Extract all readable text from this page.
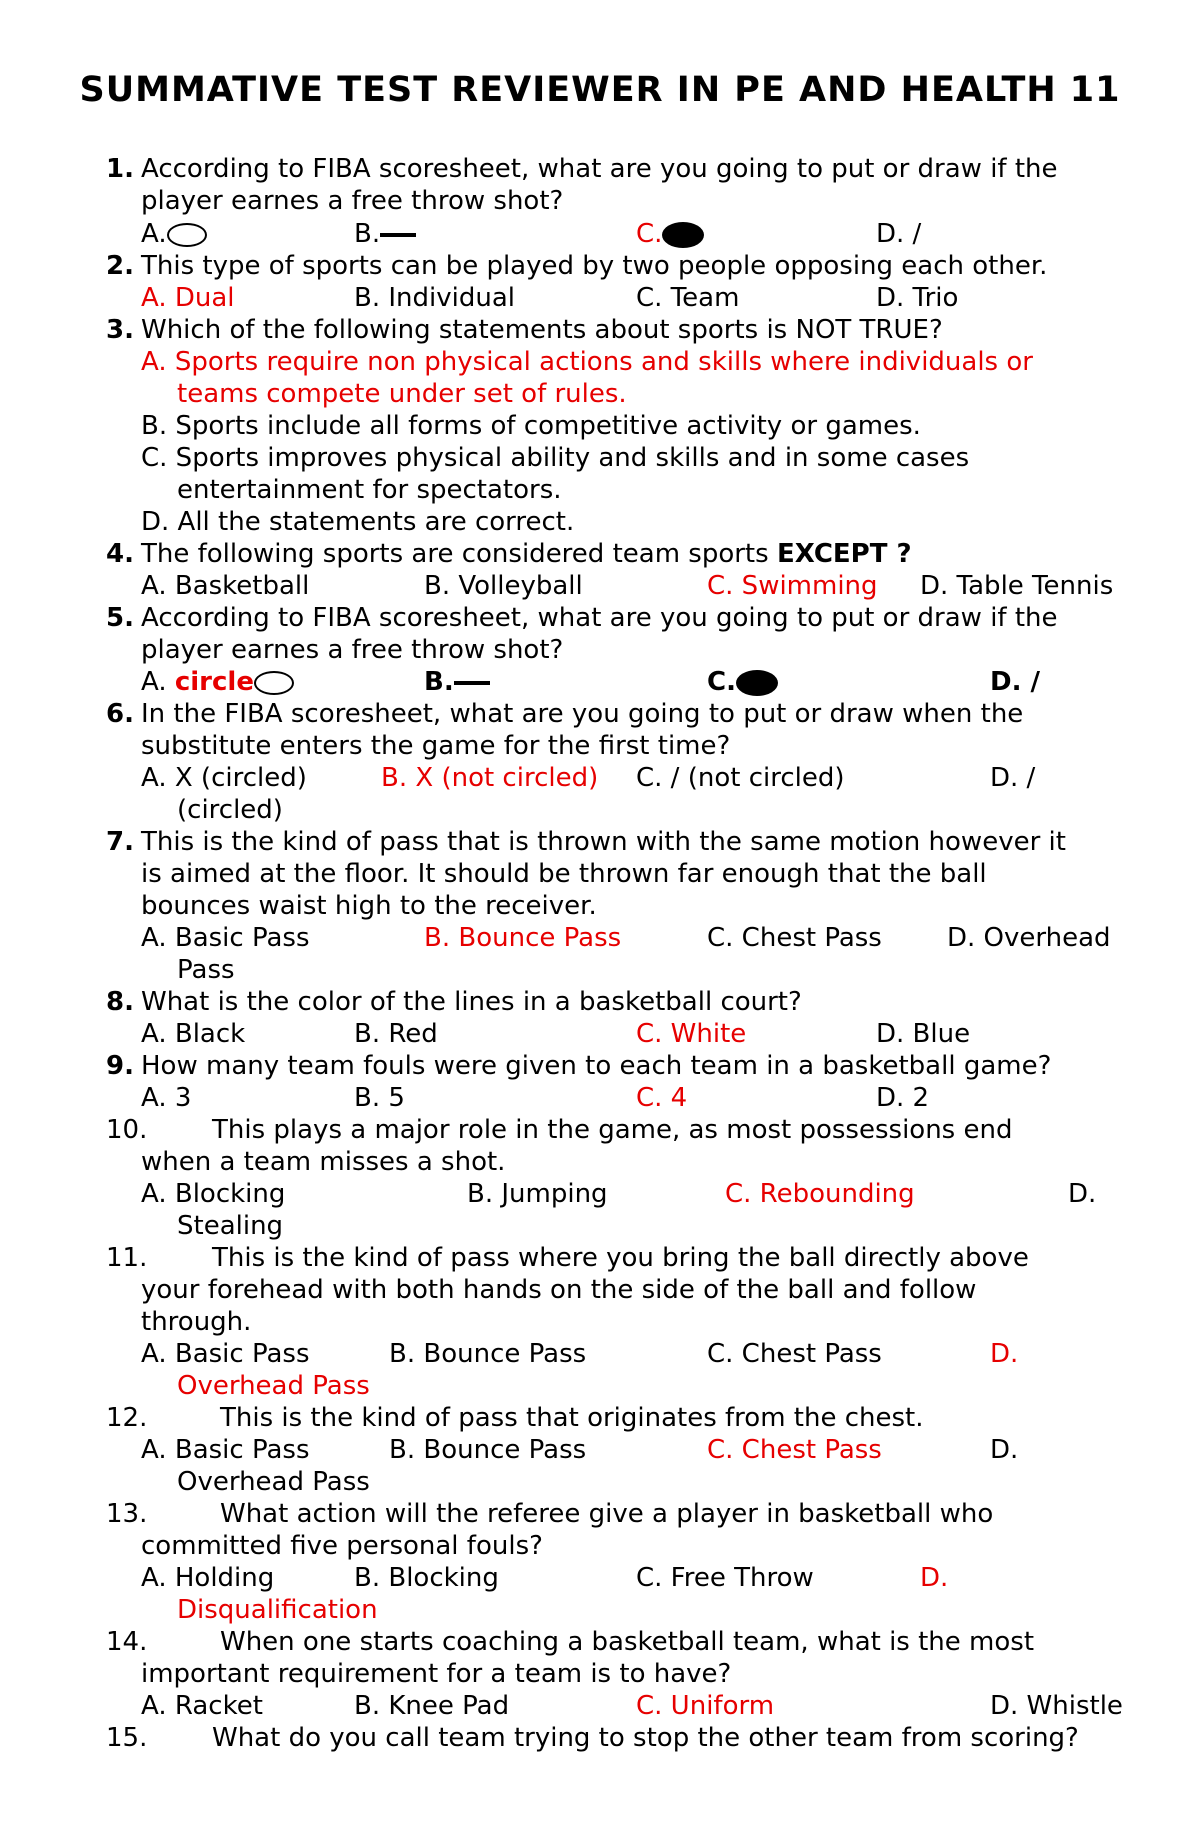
SUMMATIVE TEST REVIEWER IN PE AND HEALTH 11
1. According to FIBA scoresheet, what are you going to put or draw if the
player earnes a free throw shot?
A.	B.	C.	D. /
2. This type of sports can be played by two people opposing each other.
A. Dual	B. Individual	C. Team	D. Trio
3. Which of the following statements about sports is NOT TRUE?
A. Sports require non physical actions and skills where individuals or
teams compete under set of rules.
B. Sports include all forms of competitive activity or games.
C. Sports improves physical ability and skills and in some cases
entertainment for spectators.
D. All the statements are correct.
4. The following sports are considered team sports EXCEPT ?
A. Basketball	B. Volleyball	C. Swimming D. Table Tennis
5. According to FIBA scoresheet, what are you going to put or draw if the
player earnes a free throw shot?
A. circle	B.	C.	D. /
6. In the FIBA scoresheet, what are you going to put or draw when the
substitute enters the game for the first time?
A. X (circled)	B. X (not circled) C. / (not circled)	D. /
(circled)
7. This is the kind of pass that is thrown with the same motion however it
is aimed at the floor. It should be thrown far enough that the ball
bounces waist high to the receiver.
A. Basic Pass	B. Bounce Pass	C. Chest Pass	D. Overhead
Pass
8. What is the color of the lines in a basketball court?
A. Black	B. Red	C. White	D. Blue
9. How many team fouls were given to each team in a basketball game?
A. 3	B. 5	C. 4	D. 2
10. This plays a major role in the game, as most possessions end
when a team misses a shot.
A. Blocking	B. Jumping	C. Rebounding	D.
Stealing
11. This is the kind of pass where you bring the ball directly above
your forehead with both hands on the side of the ball and follow
through.
A. Basic Pass	B. Bounce Pass	C. Chest Pass	D.
Overhead Pass
12.	This is the kind of pass that originates from the chest.
A. Basic Pass	B. Bounce Pass	C. Chest Pass	D.
Overhead Pass
13.	What action will the referee give a player in basketball who
committed five personal fouls?
A. Holding	B. Blocking	C. Free Throw	D.
Disqualification
14.	When one starts coaching a basketball team, what is the most
important requirement for a team is to have?
A. Racket	B. Knee Pad	C. Uniform	D. Whistle
15. What do you call team trying to stop the other team from scoring?
